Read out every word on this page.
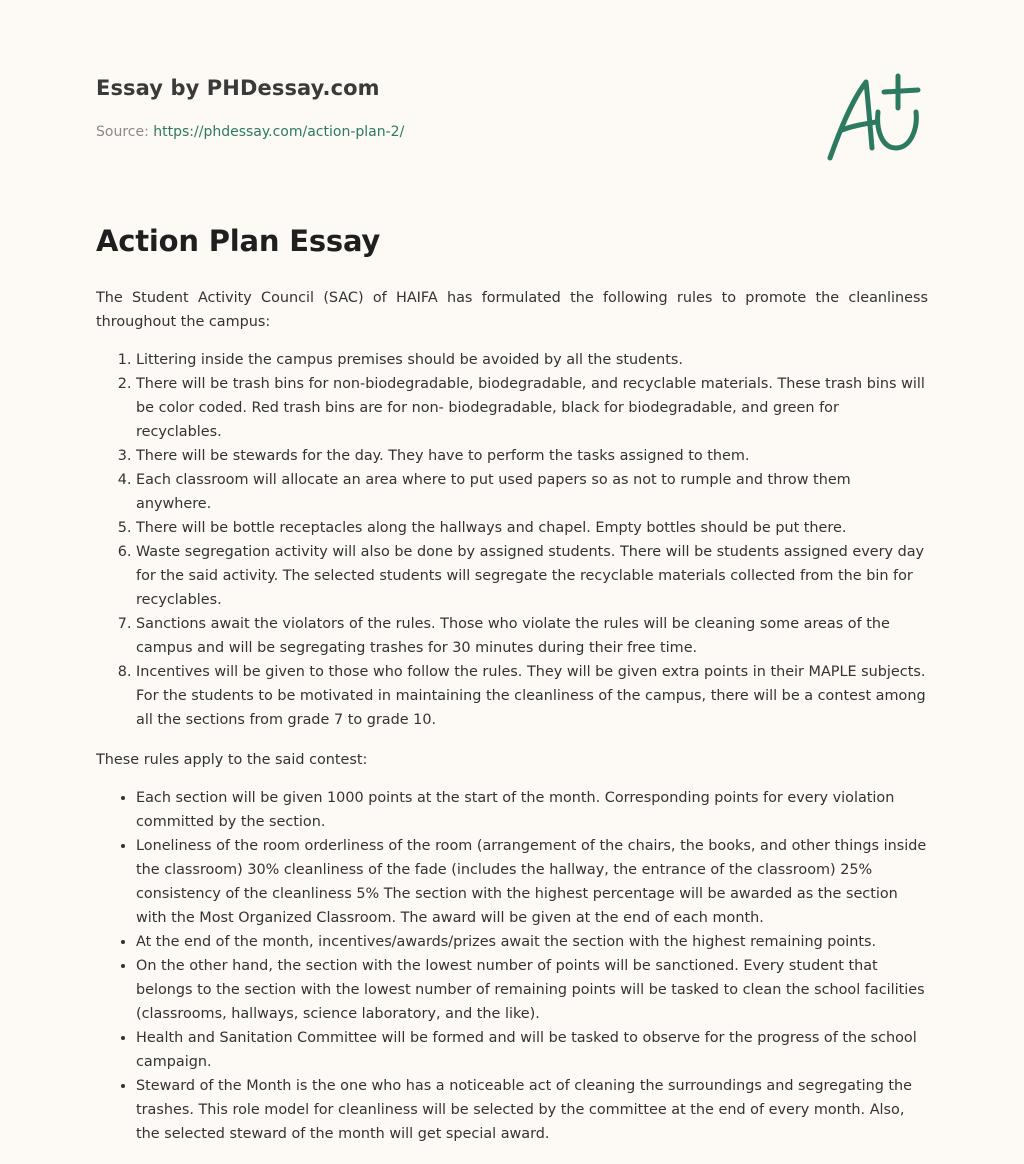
Essay by PHDessay.com
Source: https://phdessay.com/action-plan-2/
Action Plan Essay

The Student Activity Council (SAC) of HAIFA has formulated the following rules to promote the cleanliness throughout the campus:

1. Littering inside the campus premises should be avoided by all the students.
2. There will be trash bins for non-biodegradable, biodegradable, and recyclable materials. These trash bins will be color coded. Red trash bins are for non- biodegradable, black for biodegradable, and green for recyclables.
3. There will be stewards for the day. They have to perform the tasks assigned to them.
4. Each classroom will allocate an area where to put used papers so as not to rumple and throw them anywhere.
5. There will be bottle receptacles along the hallways and chapel. Empty bottles should be put there.
6. Waste segregation activity will also be done by assigned students. There will be students assigned every day for the said activity. The selected students will segregate the recyclable materials collected from the bin for recyclables.
7. Sanctions await the violators of the rules. Those who violate the rules will be cleaning some areas of the campus and will be segregating trashes for 30 minutes during their free time.
8. Incentives will be given to those who follow the rules. They will be given extra points in their MAPLE subjects. For the students to be motivated in maintaining the cleanliness of the campus, there will be a contest among all the sections from grade 7 to grade 10.

These rules apply to the said contest:

• Each section will be given 1000 points at the start of the month. Corresponding points for every violation committed by the section.
• Loneliness of the room orderliness of the room (arrangement of the chairs, the books, and other things inside the classroom) 30% cleanliness of the fade (includes the hallway, the entrance of the classroom) 25% consistency of the cleanliness 5% The section with the highest percentage will be awarded as the section with the Most Organized Classroom. The award will be given at the end of each month.
• At the end of the month, incentives/awards/prizes await the section with the highest remaining points.
• On the other hand, the section with the lowest number of points will be sanctioned. Every student that belongs to the section with the lowest number of remaining points will be tasked to clean the school facilities (classrooms, hallways, science laboratory, and the like).
• Health and Sanitation Committee will be formed and will be tasked to observe for the progress of the school campaign.
• Steward of the Month is the one who has a noticeable act of cleaning the surroundings and segregating the trashes. This role model for cleanliness will be selected by the committee at the end of every month. Also, the selected steward of the month will get special award.
